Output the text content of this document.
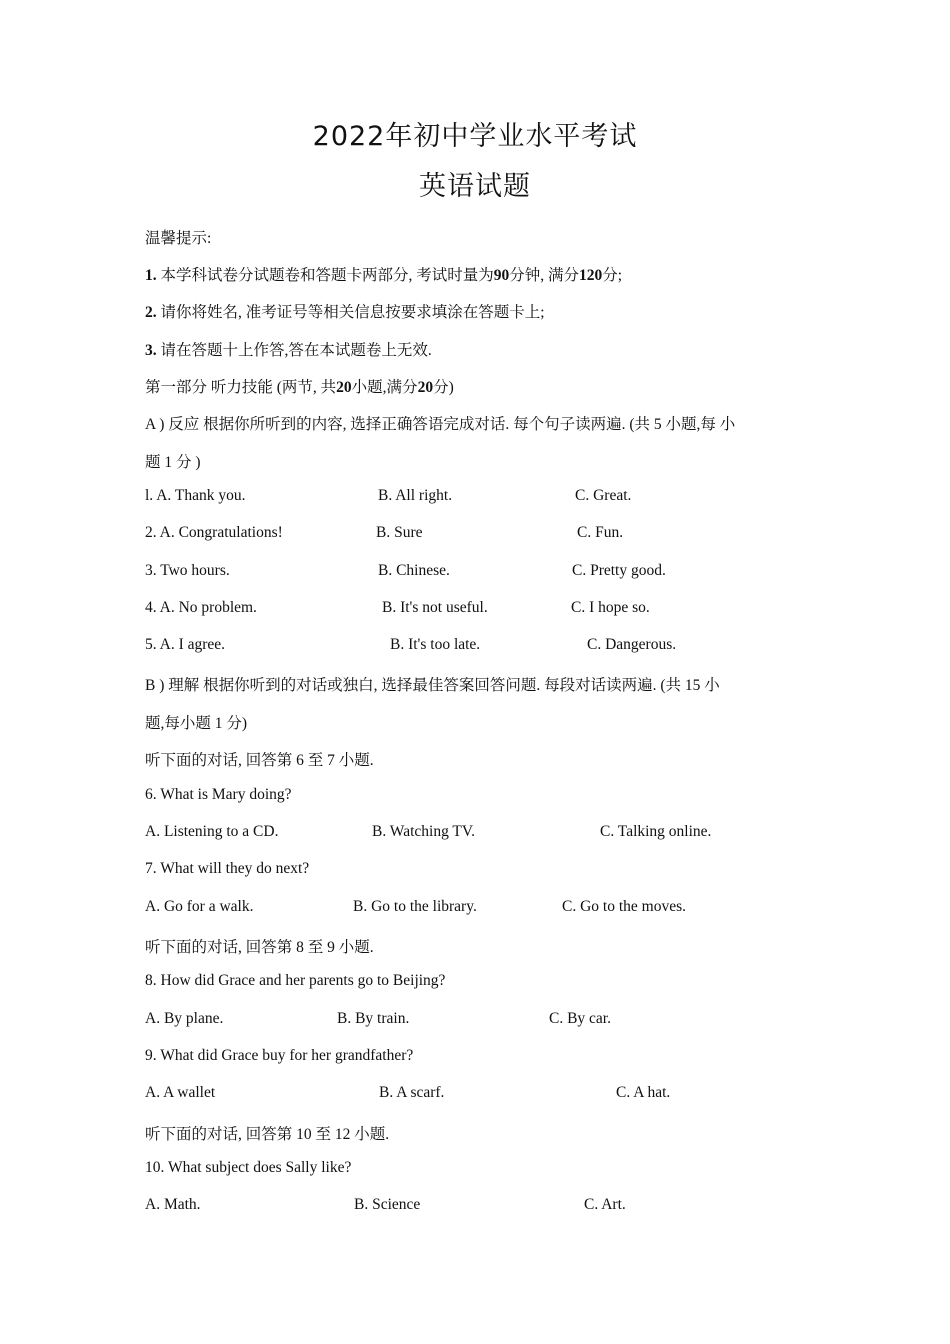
2022年初中学业水平考试
英语试题
温馨提示:
1. 本学科试卷分试题卷和答题卡两部分, 考试时量为90分钟, 满分120分;
2. 请你将姓名, 准考证号等相关信息按要求填涂在答题卡上;
3. 请在答题十上作答,答在本试题卷上无效.
第一部分 听力技能 (两节, 共20小题,满分20分)
A ) 反应 根据你所听到的内容, 选择正确答语完成对话. 每个句子读两遍. (共 5 小题,每 小
题 1 分 )
l. A. Thank you.	B. All right.	C. Great.
2. A. Congratulations!	B. Sure	C. Fun.
3. Two hours.	B. Chinese.	C. Pretty good.
4. A. No problem.	B. It's not useful.	C. I hope so.
5. A. I agree.	B. It's too late.	C. Dangerous.
B ) 理解 根据你听到的对话或独白, 选择最佳答案回答问题. 每段对话读两遍. (共 15 小
题,每小题 1 分)
听下面的对话, 回答第 6 至 7 小题.
6. What is Mary doing?
A. Listening to a CD.	B. Watching TV.	C. Talking online.
7. What will they do next?
A. Go for a walk.	B. Go to the library.	C. Go to the moves.
听下面的对话, 回答第 8 至 9 小题.
8. How did Grace and her parents go to Beijing?
A. By plane.	B. By train.	C. By car.
9. What did Grace buy for her grandfather?
A. A wallet	B. A scarf.	C. A hat.
听下面的对话, 回答第 10 至 12 小题.
10. What subject does Sally like?
A. Math.	B. Science	C. Art.
